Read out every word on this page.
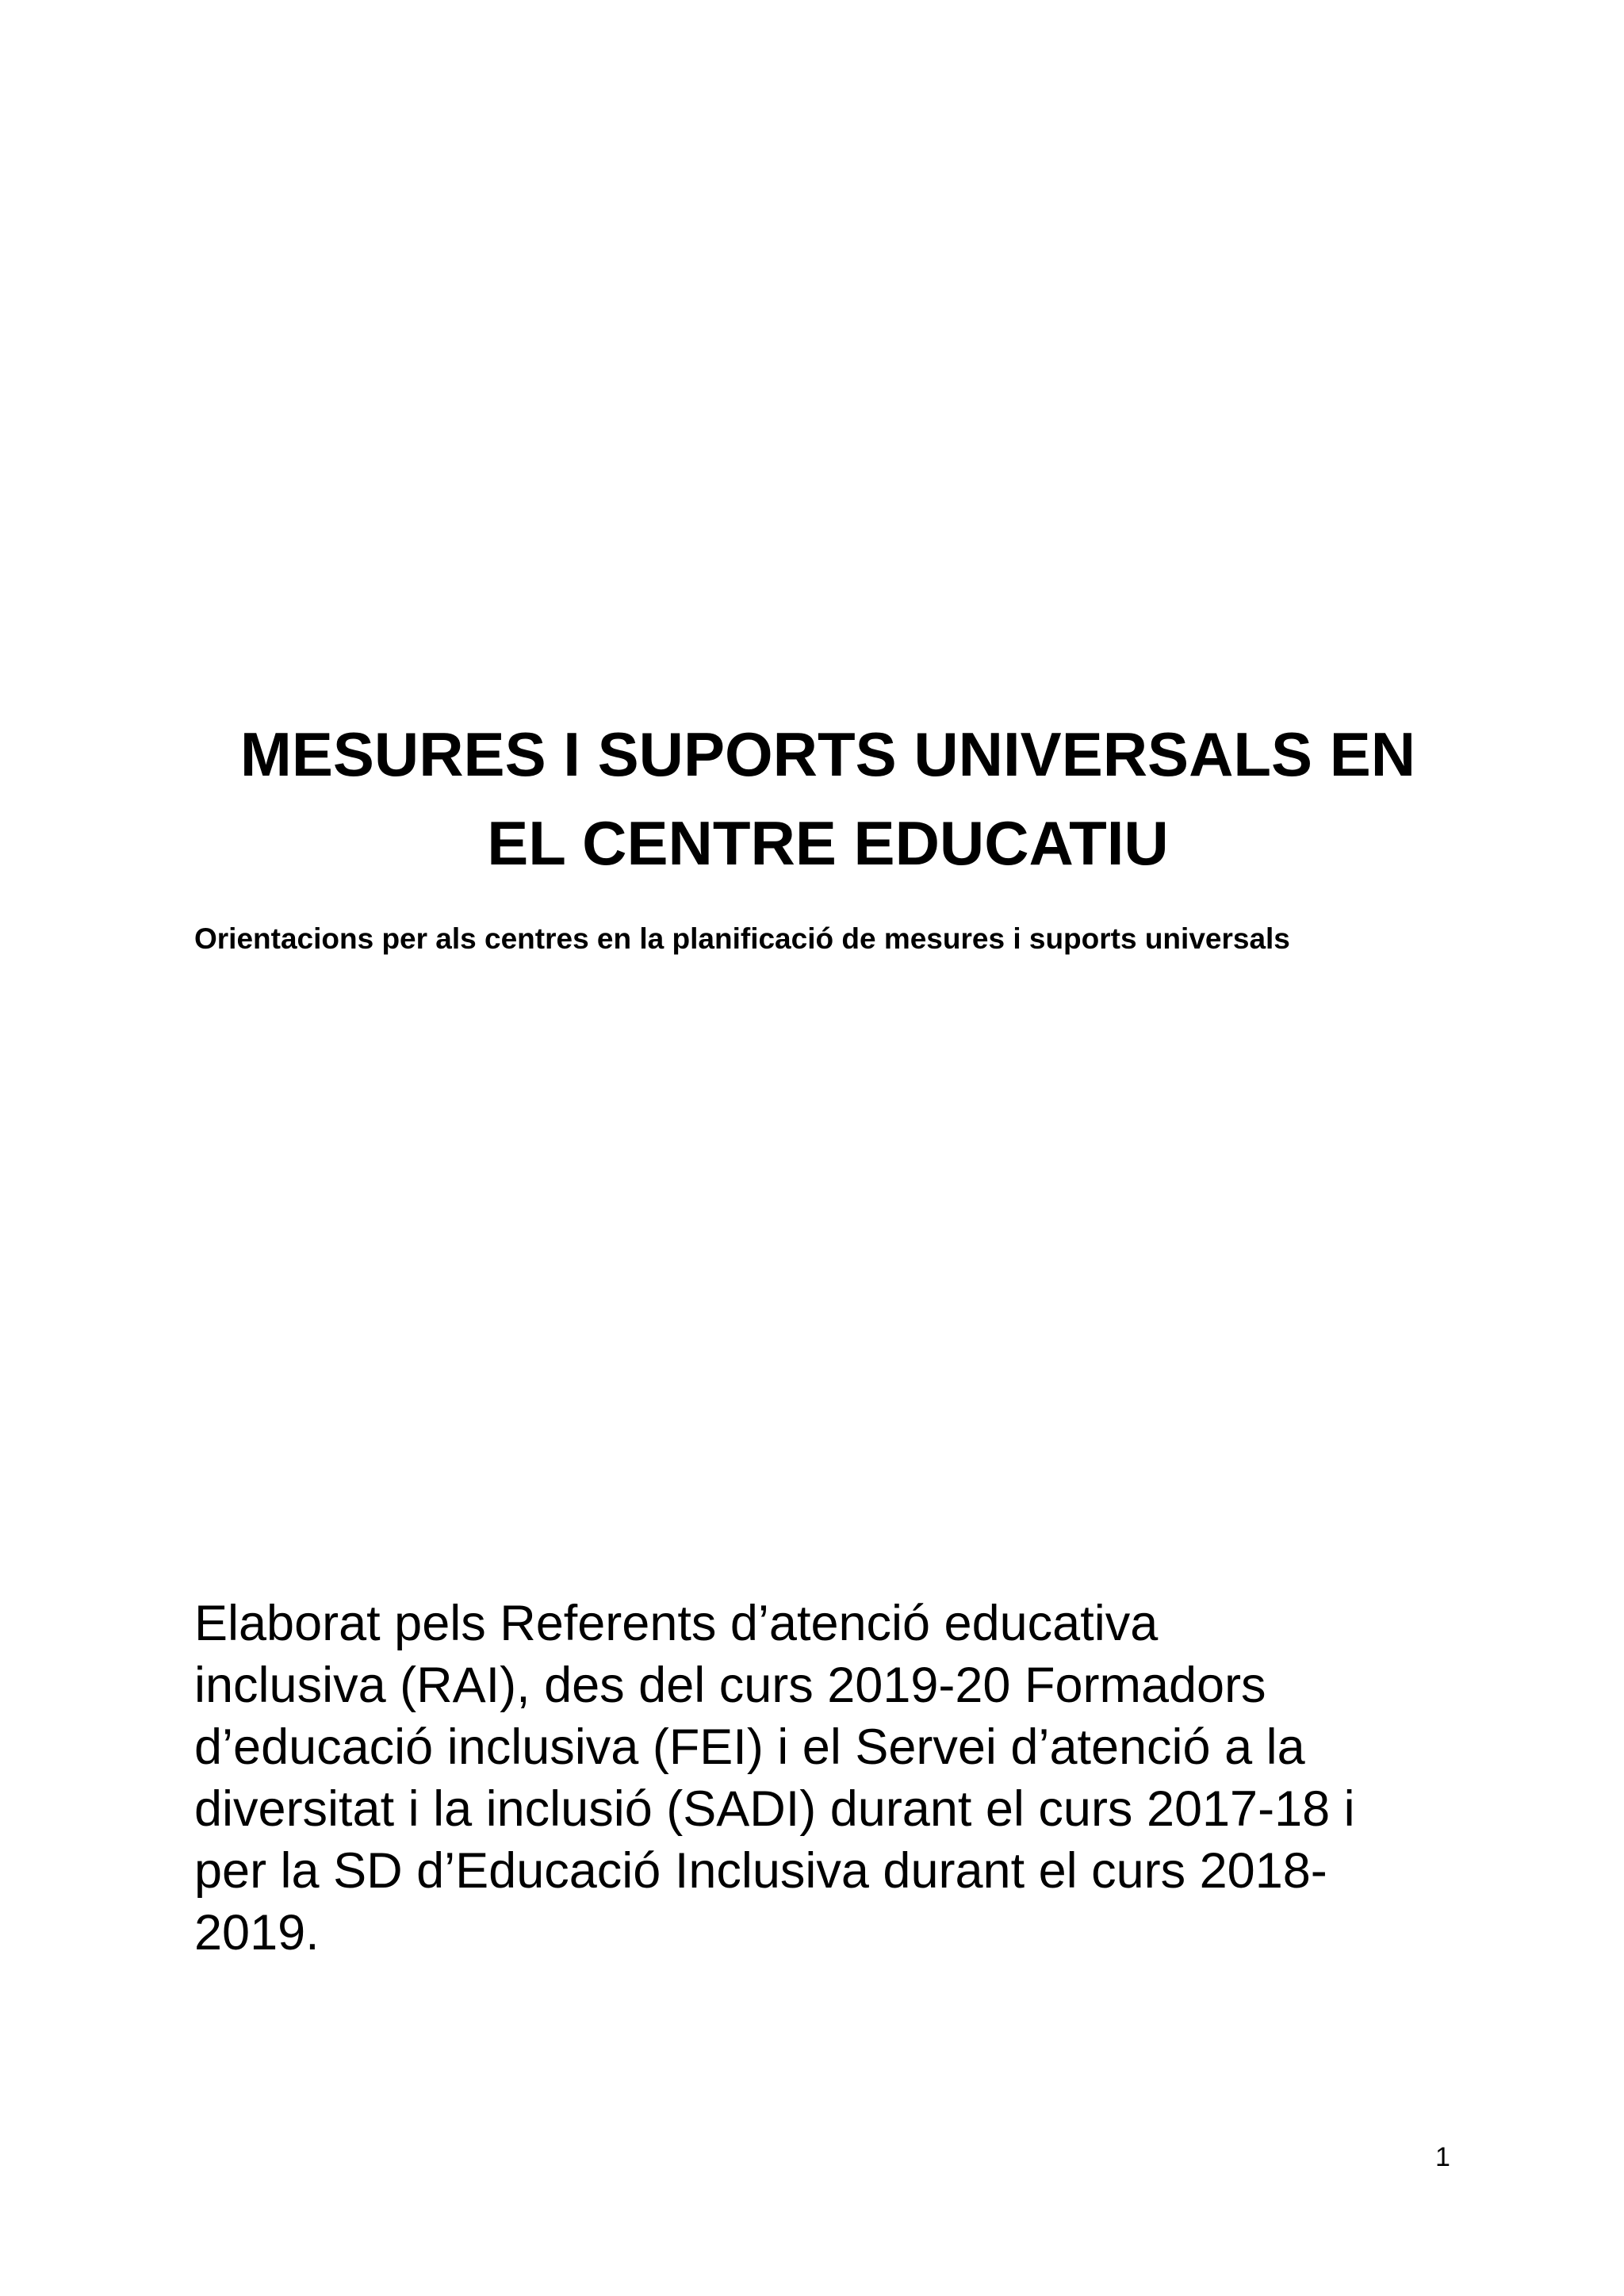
MESURES I SUPORTS UNIVERSALS EN
EL CENTRE EDUCATIU

Orientacions per als centres en la planificació de mesures i suports universals

Elaborat pels Referents d’atenció educativa
inclusiva (RAI), des del curs 2019-20 Formadors
d’educació inclusiva (FEI) i el Servei d’atenció a la
diversitat i la inclusió (SADI) durant el curs 2017-18 i
per la SD d’Educació Inclusiva durant el curs 2018-
2019.

1
